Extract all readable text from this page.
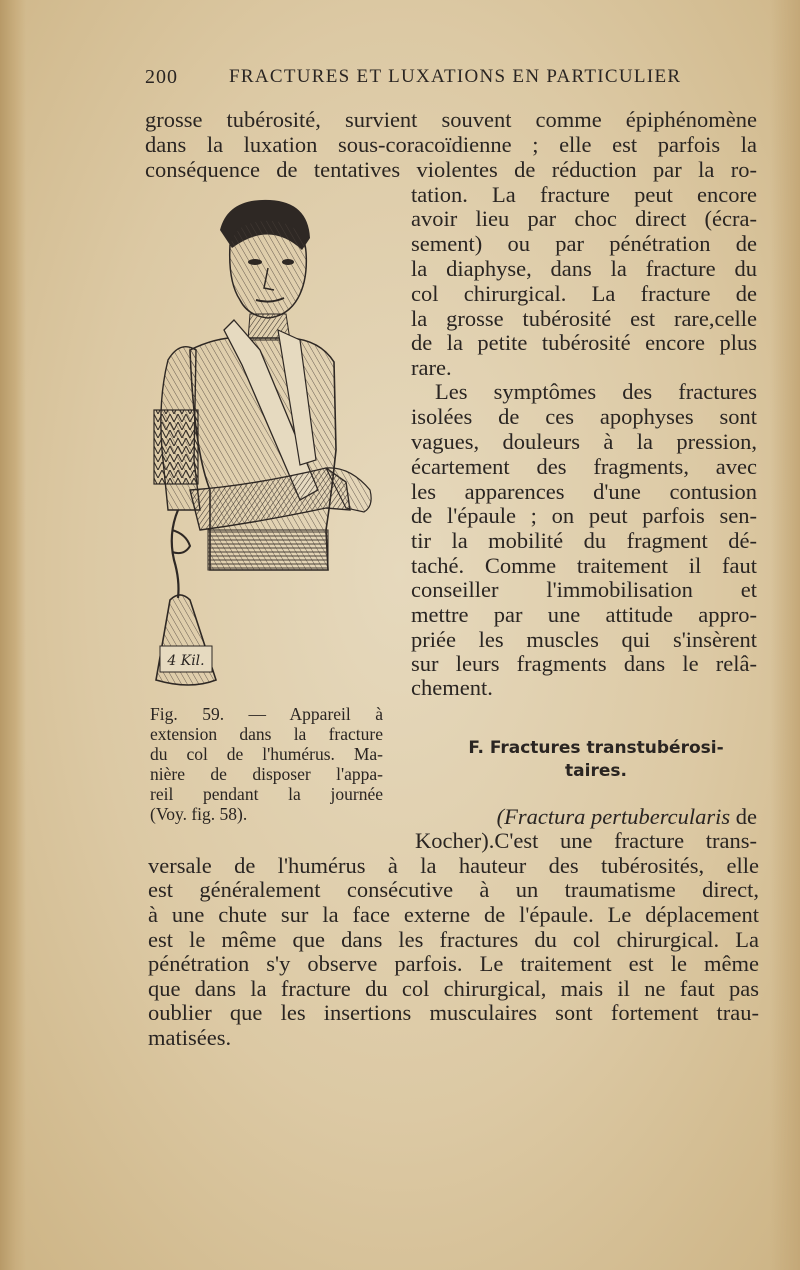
200	FRACTURES ET LUXATIONS EN PARTICULIER
grosse tubérosité, survient souvent comme épiphénomène
dans la luxation sous-coracoïdienne ; elle est parfois la
conséquence de tentatives violentes de réduction par la ro-
tation. La fracture peut encore
avoir lieu par choc direct (écra-
sement) ou par pénétration de
la diaphyse, dans la fracture du
col chirurgical. La fracture de
la grosse tubérosité est rare,celle
de la petite tubérosité encore plus
rare.
Les symptômes des fractures
isolées de ces apophyses sont
vagues, douleurs à la pression,
écartement des fragments, avec
les apparences d'une contusion
de l'épaule ; on peut parfois sen-
tir la mobilité du fragment dé-
taché. Comme traitement il faut
conseiller l'immobilisation et
mettre par une attitude appro-
priée les muscles qui s'insèrent
sur leurs fragments dans le relâ-
chement.
4 Kil.
Fig. 59. — Appareil à
extension dans la fracture
du col de l'humérus. Ma-
nière de disposer l'appa-
reil pendant la journée
(Voy. fig. 58).
F. Fractures transtubérosi-
taires.
(Fractura pertubercularis de
Kocher).C'est une fracture trans-
versale de l'humérus à la hauteur des tubérosités, elle
est généralement consécutive à un traumatisme direct,
à une chute sur la face externe de l'épaule. Le déplacement
est le même que dans les fractures du col chirurgical. La
pénétration s'y observe parfois. Le traitement est le même
que dans la fracture du col chirurgical, mais il ne faut pas
oublier que les insertions musculaires sont fortement trau-
matisées.
